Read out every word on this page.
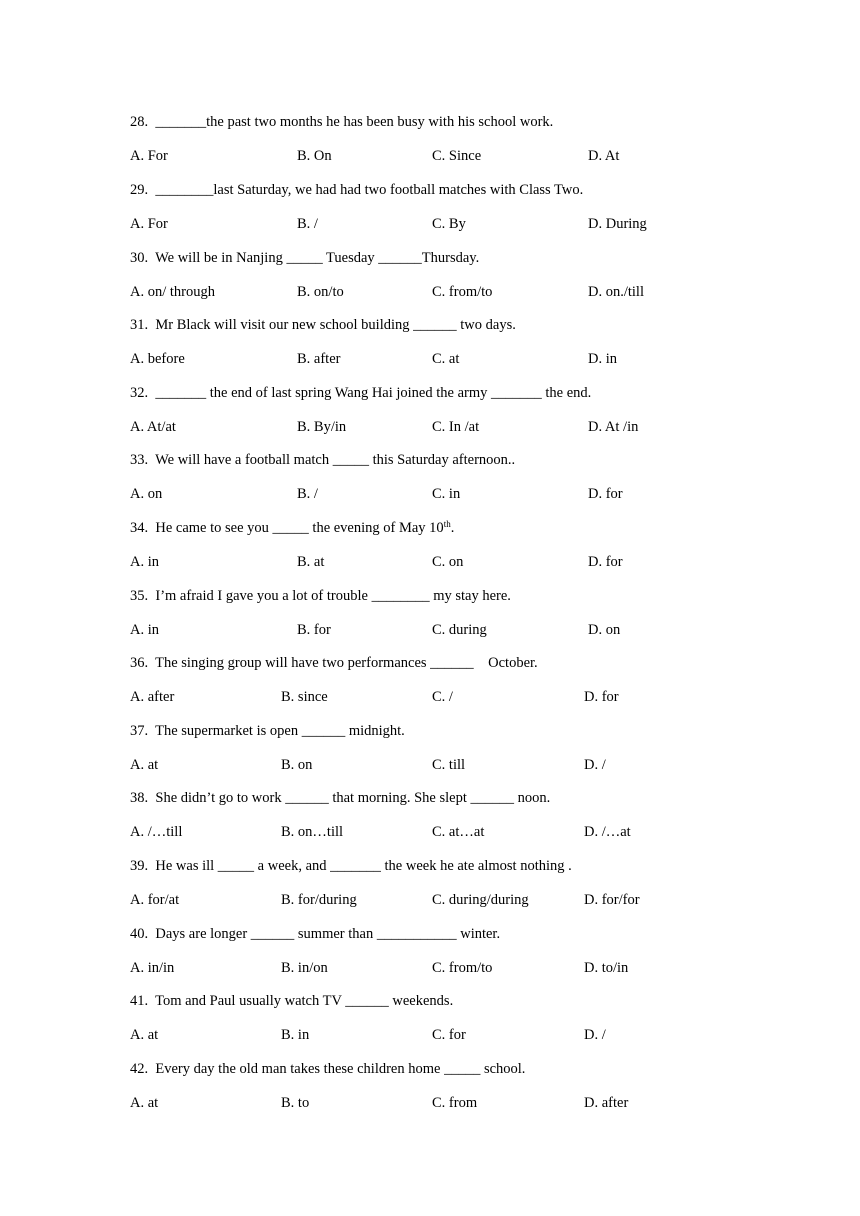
28. _______the past two months he has been busy with his school work.
A. For	B. On	C. Since	D. At
29. ________last Saturday, we had had two football matches with Class Two.
A. For	B. /	C. By	D. During
30. We will be in Nanjing _____ Tuesday ______Thursday.
A. on/ through	B. on/to	C. from/to	D. on./till
31. Mr Black will visit our new school building ______ two days.
A. before	B. after	C. at	D. in
32. _______ the end of last spring Wang Hai joined the army _______ the end.
A. At/at	B. By/in	C. In /at	D. At /in
33. We will have a football match _____ this Saturday afternoon..
A. on	B. /	C. in	D. for
34. He came to see you _____ the evening of May 10th.
A. in	B. at	C. on	D. for
35. I’m afraid I gave you a lot of trouble ________ my stay here.
A. in	B. for	C. during	D. on
36. The singing group will have two performances ______    October.
A. after	B. since	C. /	D. for
37. The supermarket is open ______ midnight.
A. at	B. on	C. till	D. /
38. She didn’t go to work ______ that morning. She slept ______ noon.
A. /…till	B. on…till	C. at…at	D. /…at
39. He was ill _____ a week, and _______ the week he ate almost nothing .
A. for/at	B. for/during	C. during/during	D. for/for
40. Days are longer ______ summer than ___________ winter.
A. in/in	B. in/on	C. from/to	D. to/in
41. Tom and Paul usually watch TV ______ weekends.
A. at	B. in	C. for	D. /
42. Every day the old man takes these children home _____ school.
A. at	B. to	C. from	D. after
